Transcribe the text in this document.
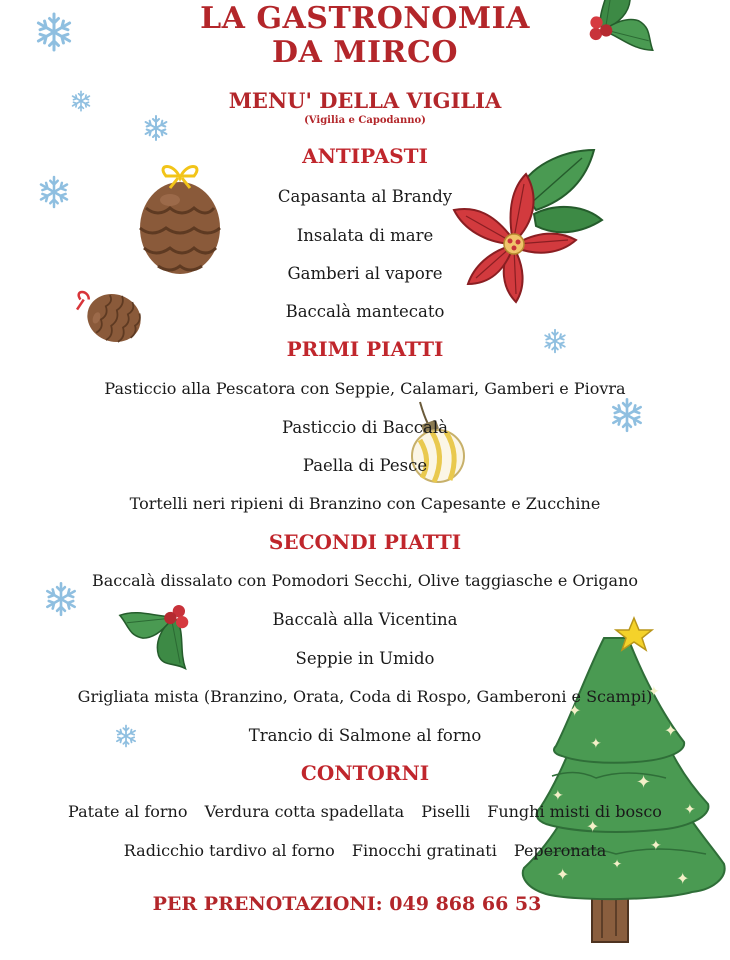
✦
✦
✦
✦
✦
✦
✦
✦
✦
✦
✦
✦
LA GASTRONOMIA
DA MIRCO
MENU' DELLA VIGILIA
(Vigilia e Capodanno)
ANTIPASTI
Capasanta al Brandy
Insalata di mare
Gamberi al vapore
Baccalà mantecato
PRIMI PIATTI
Pasticcio alla Pescatora con Seppie, Calamari, Gamberi e Piovra
Pasticcio di Baccalà
Paella di Pesce
Tortelli neri ripieni di Branzino con Capesante e Zucchine
SECONDI PIATTI
Baccalà dissalato con Pomodori Secchi, Olive taggiasche e Origano
Baccalà alla Vicentina
Seppie in Umido
Grigliata mista (Branzino, Orata, Coda di Rospo, Gamberoni e Scampi)
Trancio di Salmone al forno
CONTORNI
Patate al forno Verdura cotta spadellata Piselli Funghi misti di bosco
Radicchio tardivo al forno Finocchi gratinati Peperonata
PER PRENOTAZIONI: 049 868 66 53
